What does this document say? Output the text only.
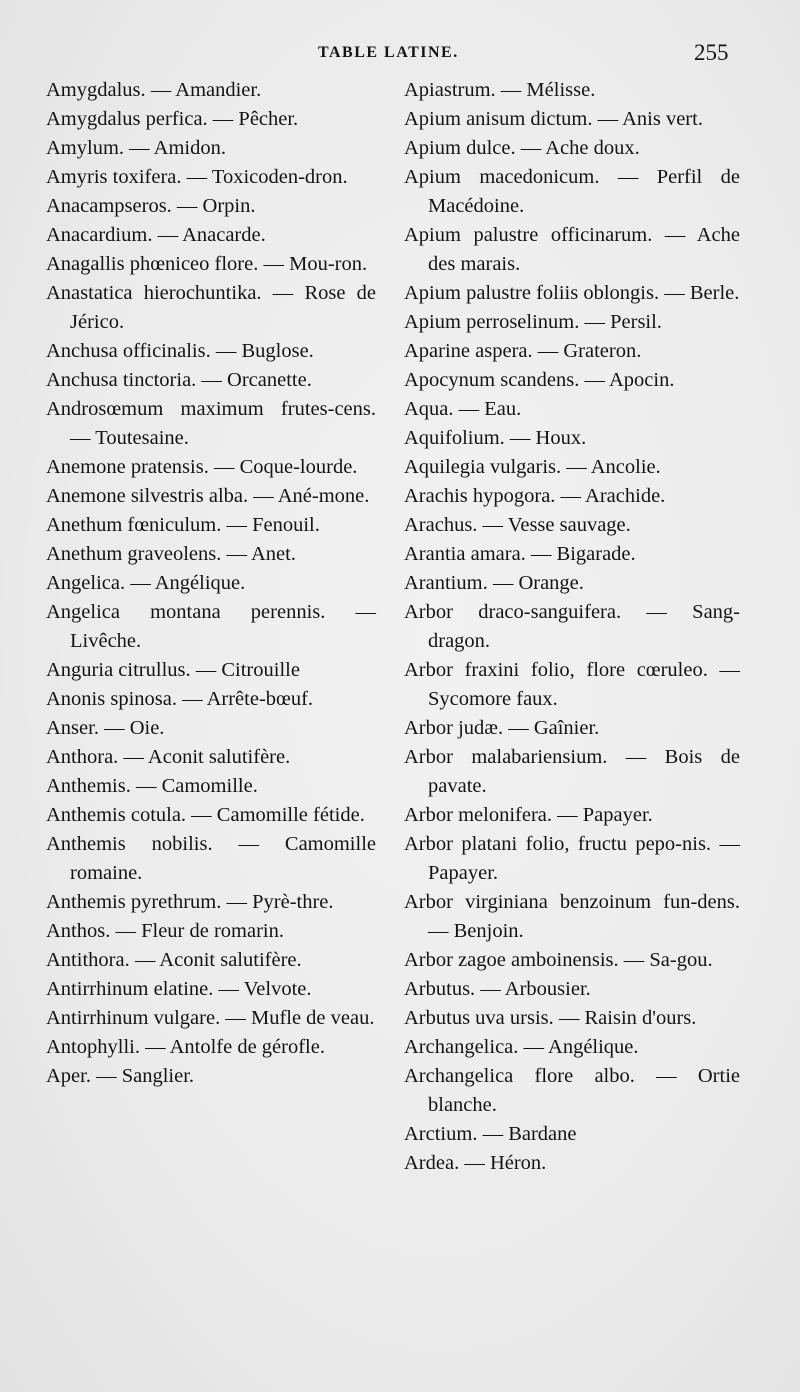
TABLE LATINE.	255
Amygdalus. — Amandier.
Amygdalus perfica. — Pêcher.
Amylum. — Amidon.
Amyris toxifera. — Toxicoden-dron.
Anacampseros. — Orpin.
Anacardium. — Anacarde.
Anagallis phœniceo flore. — Mou-ron.
Anastatica hierochuntika. — Rose de Jérico.
Anchusa officinalis. — Buglose.
Anchusa tinctoria. — Orcanette.
Androsœmum maximum frutes-cens. — Toutesaine.
Anemone pratensis. — Coque-lourde.
Anemone silvestris alba. — Ané-mone.
Anethum fœniculum. — Fenouil.
Anethum graveolens. — Anet.
Angelica. — Angélique.
Angelica montana perennis. — Livêche.
Anguria citrullus. — Citrouille
Anonis spinosa. — Arrête-bœuf.
Anser. — Oie.
Anthora. — Aconit salutifère.
Anthemis. — Camomille.
Anthemis cotula. — Camomille fétide.
Anthemis nobilis. — Camomille romaine.
Anthemis pyrethrum. — Pyrè-thre.
Anthos. — Fleur de romarin.
Antithora. — Aconit salutifère.
Antirrhinum elatine. — Velvote.
Antirrhinum vulgare. — Mufle de veau.
Antophylli. — Antolfe de gérofle.
Aper. — Sanglier.
Apiastrum. — Mélisse.
Apium anisum dictum. — Anis vert.
Apium dulce. — Ache doux.
Apium macedonicum. — Perfil de Macédoine.
Apium palustre officinarum. — Ache des marais.
Apium palustre foliis oblongis. — Berle.
Apium perroselinum. — Persil.
Aparine aspera. — Grateron.
Apocynum scandens. — Apocin.
Aqua. — Eau.
Aquifolium. — Houx.
Aquilegia vulgaris. — Ancolie.
Arachis hypogora. — Arachide.
Arachus. — Vesse sauvage.
Arantia amara. — Bigarade.
Arantium. — Orange.
Arbor draco-sanguifera. — Sang-dragon.
Arbor fraxini folio, flore cœruleo. — Sycomore faux.
Arbor judæ. — Gaînier.
Arbor malabariensium. — Bois de pavate.
Arbor melonifera. — Papayer.
Arbor platani folio, fructu pepo-nis. — Papayer.
Arbor virginiana benzoinum fun-dens. — Benjoin.
Arbor zagoe amboinensis. — Sa-gou.
Arbutus. — Arbousier.
Arbutus uva ursis. — Raisin d'ours.
Archangelica. — Angélique.
Archangelica flore albo. — Ortie blanche.
Arctium. — Bardane
Ardea. — Héron.
